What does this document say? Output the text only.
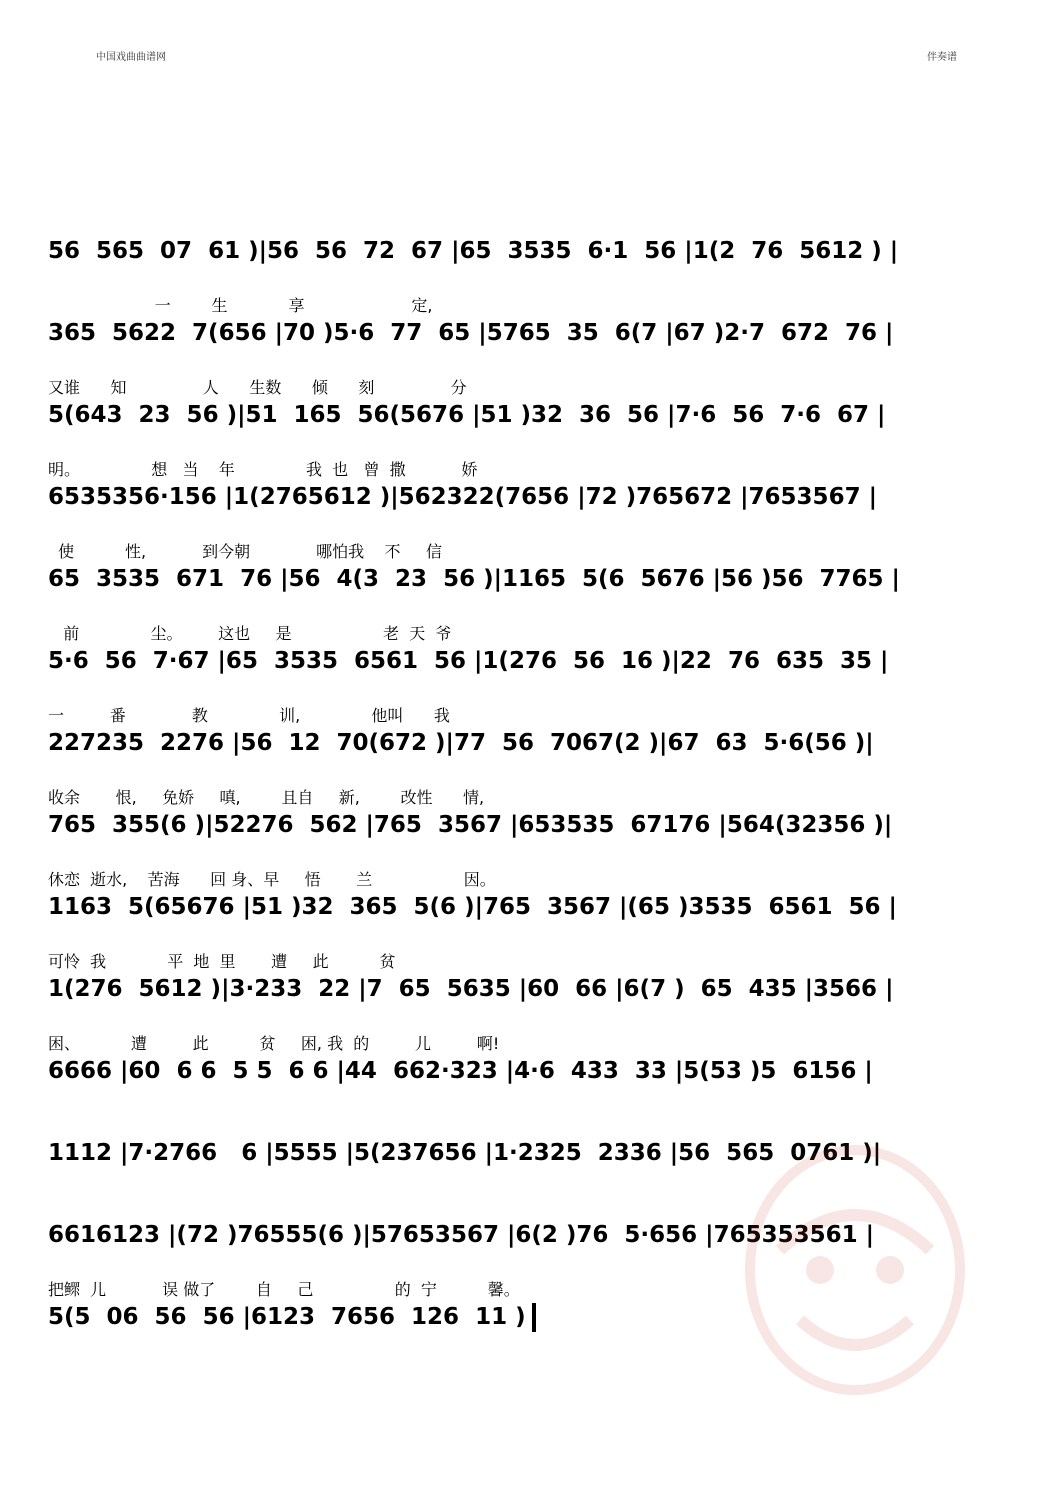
中国戏曲曲谱网	伴奏谱
56  565  07  61 )|56  56  72  67 |65  3535  6·1  56 |1(2  76  5612 ) |
一        生            享                     定,
365  5622  7(656 |70 )5·6  77  65 |5765  35  6(7 |67 )2·7  672  76 |
又谁      知               人      生数      倾      刻               分
5(643  23  56 )|51  165  56(5676 |51 )32  36  56 |7·6  56  7·6  67 |
明。              想   当    年              我  也   曾  撒           娇
6535356·156 |1(2765612 )|562322(7656 |72 )765672 |7653567 |
使          性,           到今朝             哪怕我    不     信
65  3535  671  76 |56  4(3  23  56 )|1165  5(6  5676 |56 )56  7765 |
前              尘。       这也     是                  老  天  爷
5·6  56  7·67 |65  3535  6561  56 |1(276  56  16 )|22  76  635  35 |
一         番             教              训,              他叫      我
227235  2276 |56  12  70(672 )|77  56  7067(2 )|67  63  5·6(56 )|
收余       恨,     免娇     嗔,        且自     新,        改性      情,
765  355(6 )|52276  562 |765  3567 |653535  67176 |564(32356 )|
休恋  逝水,    苦海      回 身、早     悟       兰                  因。
1163  5(65676 |51 )32  365  5(6 )|765  3567 |(65 )3535  6561  56 |
可怜  我            平  地  里       遭     此          贫
1(276  5612 )|3·233  22 |7  65  5635 |60  66 |6(7 )  65  435 |3566 |
困、          遭         此          贫     困, 我  的         儿         啊!
6666 |60  6 6  5 5  6 6 |44  662·323 |4·6  433  33 |5(53 )5  6156 |
1112 |7·2766   6 |5555 |5(237656 |1·2325  2336 |56  565  0761 )|
6616123 |(72 )76555(6 )|57653567 |6(2 )76  5·656 |765353561 |
把鳏  儿           误 做了        自     己                的  宁          馨。
5(5  06  56  56 |6123  7656  126  11 )
